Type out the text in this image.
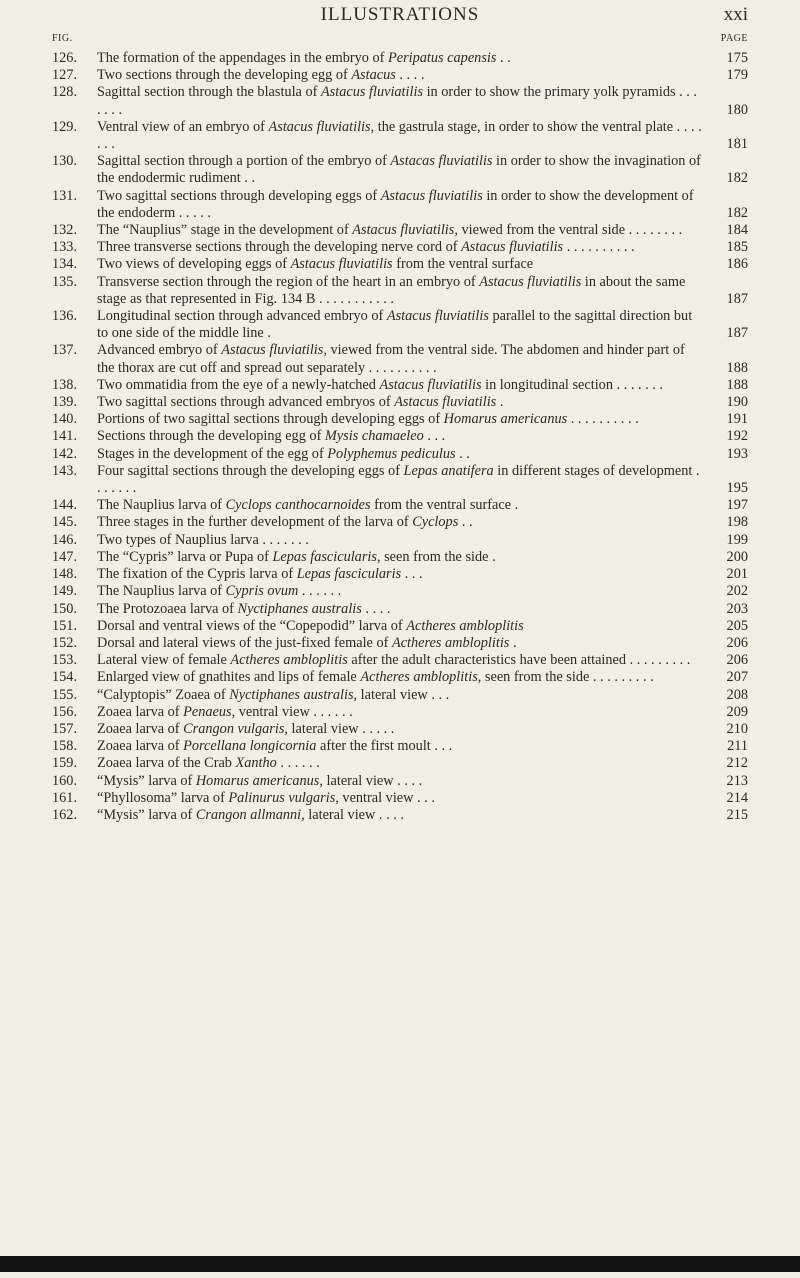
ILLUSTRATIONS	xxi
FIG.	PAGE
126.	The formation of the appendages in the embryo of Peripatus capensis . .	175
127.	Two sections through the developing egg of Astacus . . . .	179
128.	Sagittal section through the blastula of Astacus fluviatilis in order to show the primary yolk pyramids . . . . . . .	180
129.	Ventral view of an embryo of Astacus fluviatilis, the gastrula stage, in order to show the ventral plate . . . . . . .	181
130.	Sagittal section through a portion of the embryo of Astacas fluviatilis in order to show the invagination of the endodermic rudiment . .	182
131.	Two sagittal sections through developing eggs of Astacus fluviatilis in order to show the development of the endoderm . . . . .	182
132.	The “Nauplius” stage in the development of Astacus fluviatilis, viewed from the ventral side . . . . . . . .	184
133.	Three transverse sections through the developing nerve cord of Astacus fluviatilis . . . . . . . . . .	185
134.	Two views of developing eggs of Astacus fluviatilis from the ventral surface	186
135.	Transverse section through the region of the heart in an embryo of Astacus fluviatilis in about the same stage as that represented in Fig. 134 B . . . . . . . . . . .	187
136.	Longitudinal section through advanced embryo of Astacus fluviatilis parallel to the sagittal direction but to one side of the middle line .	187
137.	Advanced embryo of Astacus fluviatilis, viewed from the ventral side. The abdomen and hinder part of the thorax are cut off and spread out separately . . . . . . . . . .	188
138.	Two ommatidia from the eye of a newly-hatched Astacus fluviatilis in longitudinal section . . . . . . .	188
139.	Two sagittal sections through advanced embryos of Astacus fluviatilis .	190
140.	Portions of two sagittal sections through developing eggs of Homarus americanus . . . . . . . . . .	191
141.	Sections through the developing egg of Mysis chamaeleo . . .	192
142.	Stages in the development of the egg of Polyphemus pediculus . .	193
143.	Four sagittal sections through the developing eggs of Lepas anatifera in different stages of development . . . . . . .	195
144.	The Nauplius larva of Cyclops canthocarnoides from the ventral surface .	197
145.	Three stages in the further development of the larva of Cyclops . .	198
146.	Two types of Nauplius larva . . . . . . .	199
147.	The “Cypris” larva or Pupa of Lepas fascicularis, seen from the side .	200
148.	The fixation of the Cypris larva of Lepas fascicularis . . .	201
149.	The Nauplius larva of Cypris ovum . . . . . .	202
150.	The Protozoaea larva of Nyctiphanes australis . . . .	203
151.	Dorsal and ventral views of the “Copepodid” larva of Actheres ambloplitis	205
152.	Dorsal and lateral views of the just-fixed female of Actheres ambloplitis .	206
153.	Lateral view of female Actheres ambloplitis after the adult characteristics have been attained . . . . . . . . .	206
154.	Enlarged view of gnathites and lips of female Actheres ambloplitis, seen from the side . . . . . . . . .	207
155.	“Calyptopis” Zoaea of Nyctiphanes australis, lateral view . . .	208
156.	Zoaea larva of Penaeus, ventral view . . . . . .	209
157.	Zoaea larva of Crangon vulgaris, lateral view . . . . .	210
158.	Zoaea larva of Porcellana longicornia after the first moult . . .	211
159.	Zoaea larva of the Crab Xantho . . . . . .	212
160.	“Mysis” larva of Homarus americanus, lateral view . . . .	213
161.	“Phyllosoma” larva of Palinurus vulgaris, ventral view . . .	214
162.	“Mysis” larva of Crangon allmanni, lateral view . . . .	215
